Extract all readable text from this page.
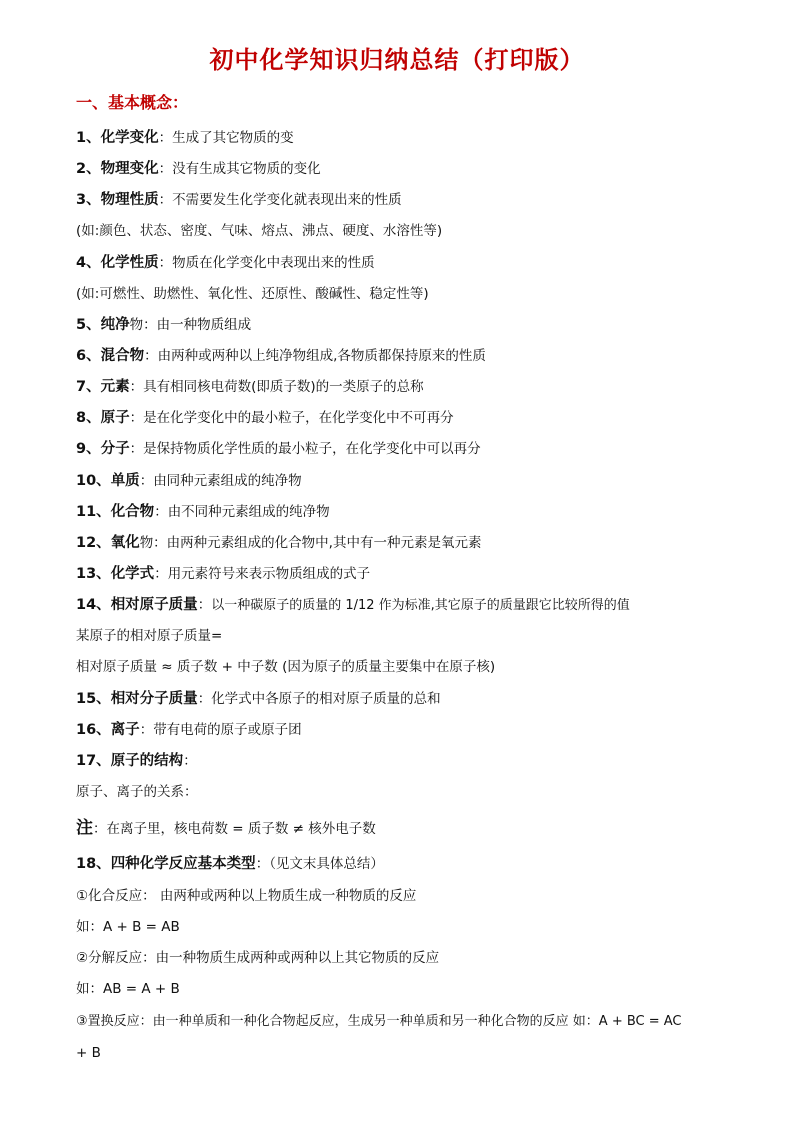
初中化学知识归纳总结（打印版）
一、基本概念：
1、化学变化：生成了其它物质的变
2、物理变化：没有生成其它物质的变化
3、物理性质：不需要发生化学变化就表现出来的性质
(如:颜色、状态、密度、气味、熔点、沸点、硬度、水溶性等)
4、化学性质：物质在化学变化中表现出来的性质
(如:可燃性、助燃性、氧化性、还原性、酸碱性、稳定性等)
5、纯净物：由一种物质组成
6、混合物：由两种或两种以上纯净物组成,各物质都保持原来的性质
7、元素：具有相同核电荷数(即质子数)的一类原子的总称
8、原子：是在化学变化中的最小粒子，在化学变化中不可再分
9、分子：是保持物质化学性质的最小粒子，在化学变化中可以再分
10、单质：由同种元素组成的纯净物
11、化合物：由不同种元素组成的纯净物
12、氧化物：由两种元素组成的化合物中,其中有一种元素是氧元素
13、化学式：用元素符号来表示物质组成的式子
14、相对原子质量：以一种碳原子的质量的 1/12 作为标准,其它原子的质量跟它比较所得的值
某原子的相对原子质量=
相对原子质量 ≈ 质子数 + 中子数 (因为原子的质量主要集中在原子核)
15、相对分子质量：化学式中各原子的相对原子质量的总和
16、离子：带有电荷的原子或原子团
17、原子的结构：
原子、离子的关系：
注：在离子里，核电荷数 = 质子数 ≠ 核外电子数
18、四种化学反应基本类型：（见文末具体总结）
①化合反应： 由两种或两种以上物质生成一种物质的反应
如：A + B = AB
②分解反应：由一种物质生成两种或两种以上其它物质的反应
如：AB = A + B
③置换反应：由一种单质和一种化合物起反应，生成另一种单质和另一种化合物的反应 如：A + BC = AC
+ B
